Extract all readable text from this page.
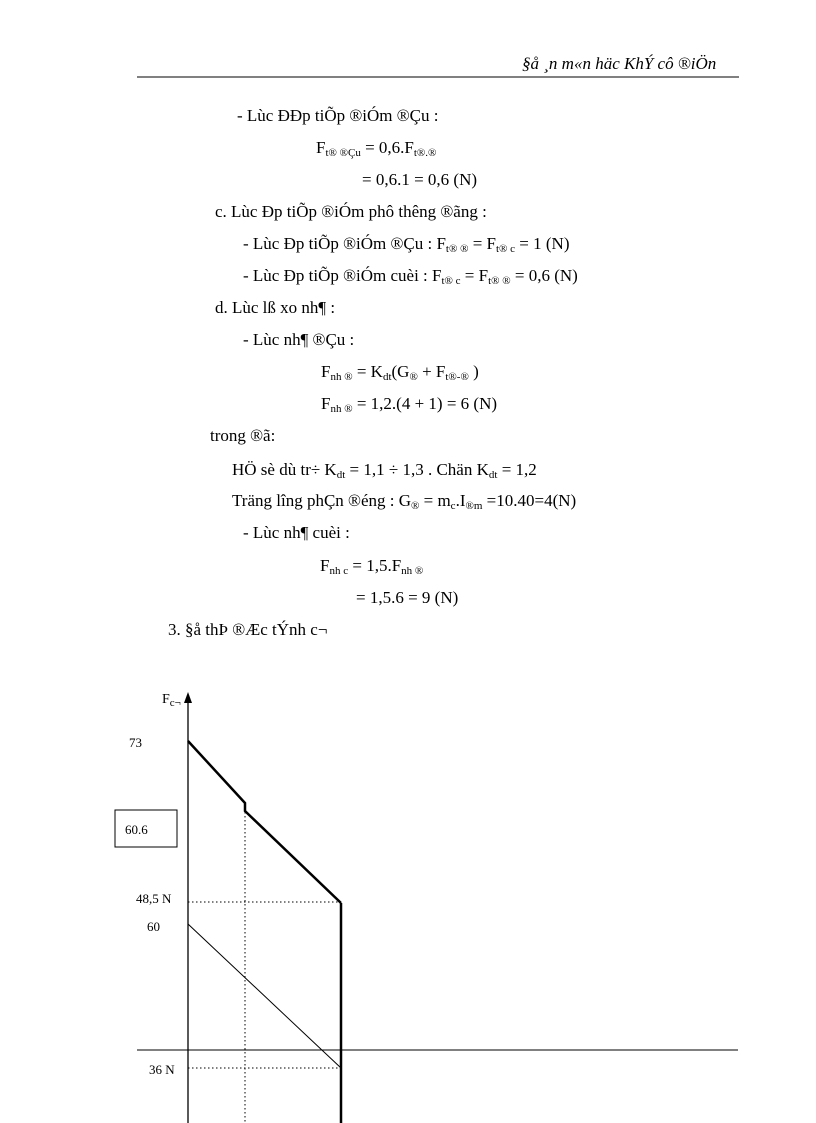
§å ¸n m«n häc KhÝ cô ®iÖn
- Lùc ÐÐp tiÕp ®iÓm ®Çu :
$F_{t® ®Çu} = 0,6.F_{t®.®}$
= 0,6.1 = 0,6 (N)
c. Lùc Ðp tiÕp ®iÓm phô thêng ®ãng :
- Lùc Ðp tiÕp ®iÓm ®Çu : $F_{t® ®} = F_{t® c} = 1$ (N)
- Lùc Ðp tiÕp ®iÓm cuèi : $F_{t® c} = F_{t® ®} = 0,6$ (N)
d. Lùc lß xo nh¶ :
- Lùc nh¶ ®Çu :
$F_{nh ®} = K_{dt}(G_® + F_{t®-®}$ )
$F_{nh ®} = 1,2.(4 + 1) = 6$ (N)
trong ®ã:
HÖ sè dù $tr\div K_{dt} = 1,1 \div 1,3$ . Chän $K_{dt} = 1,2$
Träng lîng phÇn ®éng : $G_® = m_c.I_{®m} =10.40=4(N)$
- Lùc nh¶ cuèi :
$F_{nh c} = 1,5.F_{nh ®}$
= 1,5.6 = 9 (N)
3. §å thÞ ®Æc tÝnh c¬
$F_{c\neg}$
73
60.6
48,5 N
60
36 N
